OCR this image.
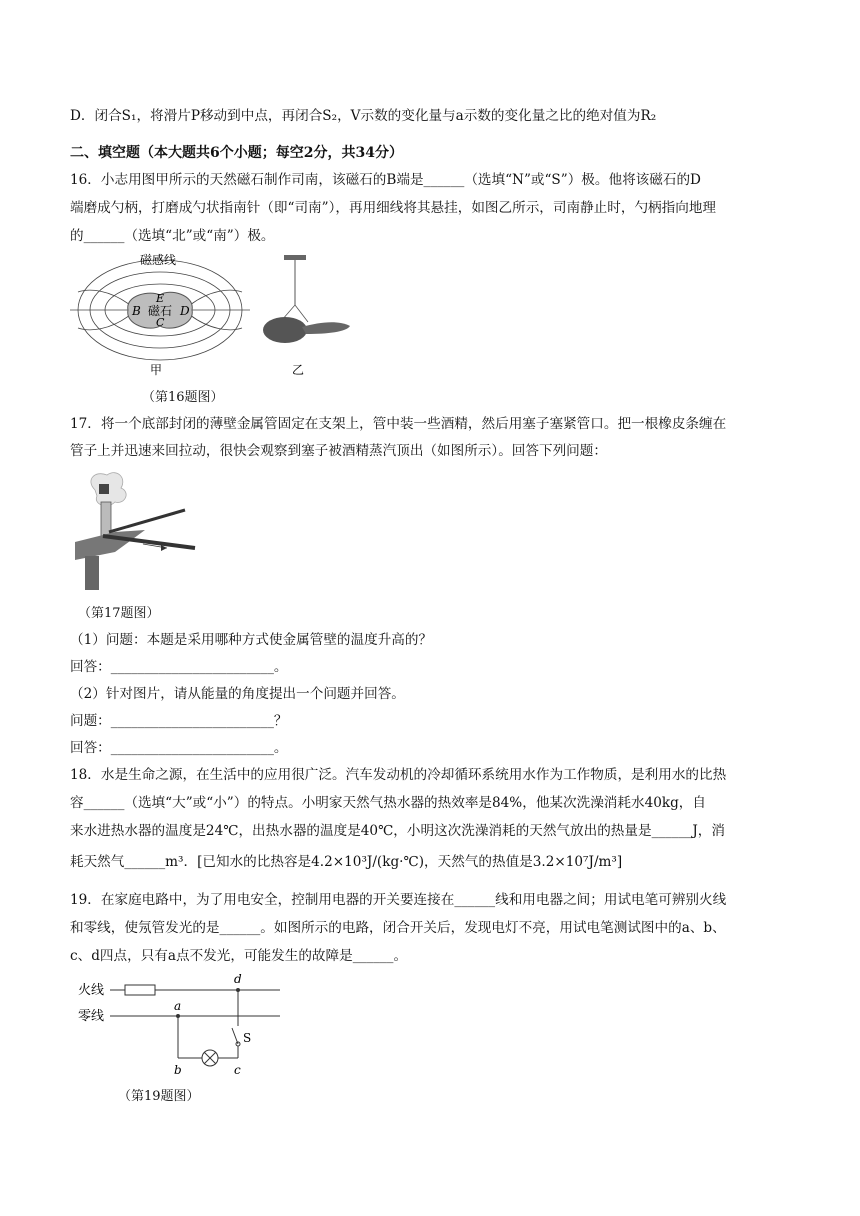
D．闭合S₁，将滑片P移动到中点，再闭合S₂，V示数的变化量与a示数的变化量之比的绝对值为R₂
二、填空题（本大题共6个小题；每空2分，共34分）
16．小志用图甲所示的天然磁石制作司南，该磁石的B端是______（选填“N”或“S”）极。他将该磁石的D
端磨成勺柄，打磨成勺状指南针（即“司南”），再用细线将其悬挂，如图乙所示，司南静止时，勺柄指向地理
的______（选填“北”或“南”）极。
B 磁石 D
E
C
磁感线
甲	乙
（第16题图）
17．将一个底部封闭的薄壁金属管固定在支架上，管中装一些酒精，然后用塞子塞紧管口。把一根橡皮条缠在
管子上并迅速来回拉动，很快会观察到塞子被酒精蒸汽顶出（如图所示）。回答下列问题：
（第17题图）
（1）问题：本题是采用哪种方式使金属管壁的温度升高的？
回答：________________________。
（2）针对图片，请从能量的角度提出一个问题并回答。
问题：________________________？
回答：________________________。
18．水是生命之源，在生活中的应用很广泛。汽车发动机的冷却循环系统用水作为工作物质，是利用水的比热
容______（选填“大”或“小”）的特点。小明家天然气热水器的热效率是84%，他某次洗澡消耗水40kg，自
来水进热水器的温度是24℃，出热水器的温度是40℃，小明这次洗澡消耗的天然气放出的热量是______J，消
耗天然气______m³．[已知水的比热容是4.2×10³J/(kg·℃)，天然气的热值是3.2×10⁷J/m³]
19．在家庭电路中，为了用电安全，控制用电器的开关要连接在______线和用电器之间；用试电笔可辨别火线
和零线，使氖管发光的是______。如图所示的电路，闭合开关后，发现电灯不亮，用试电笔测试图中的a、b、
c、d四点，只有a点不发光，可能发生的故障是______。
火线
零线
a
d
S
b	c
（第19题图）
